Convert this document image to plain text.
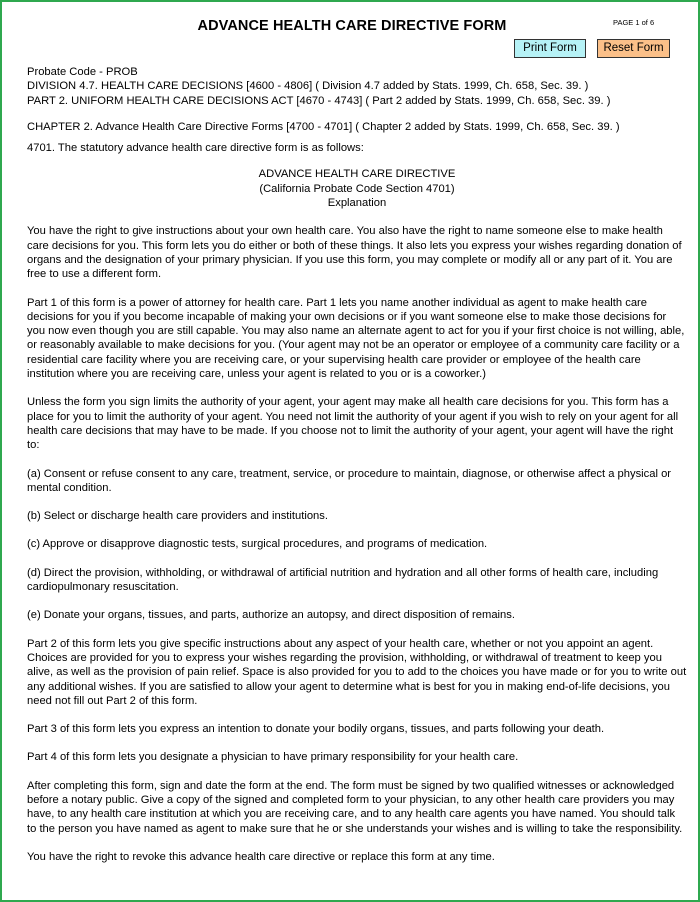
ADVANCE HEALTH CARE DIRECTIVE FORM	PAGE 1 of 6
Print Form	Reset Form

Probate Code - PROB

DIVISION 4.7. HEALTH CARE DECISIONS [4600 - 4806] ( Division 4.7 added by Stats. 1999, Ch. 658, Sec. 39. )

PART 2. UNIFORM HEALTH CARE DECISIONS ACT [4670 - 4743] ( Part 2 added by Stats. 1999, Ch. 658, Sec. 39. )

CHAPTER 2. Advance Health Care Directive Forms [4700 - 4701] ( Chapter 2 added by Stats. 1999, Ch. 658, Sec. 39. )

4701. The statutory advance health care directive form is as follows:

ADVANCE HEALTH CARE DIRECTIVE

(California Probate Code Section 4701)

Explanation

You have the right to give instructions about your own health care. You also have the right to name someone else to make health care decisions for you. This form lets you do either or both of these things. It also lets you express your wishes regarding donation of organs and the designation of your primary physician. If you use this form, you may complete or modify all or any part of it. You are free to use a different form.

Part 1 of this form is a power of attorney for health care. Part 1 lets you name another individual as agent to make health care decisions for you if you become incapable of making your own decisions or if you want someone else to make those decisions for you now even though you are still capable. You may also name an alternate agent to act for you if your first choice is not willing, able, or reasonably available to make decisions for you. (Your agent may not be an operator or employee of a community care facility or a residential care facility where you are receiving care, or your supervising health care provider or employee of the health care institution where you are receiving care, unless your agent is related to you or is a coworker.)

Unless the form you sign limits the authority of your agent, your agent may make all health care decisions for you. This form has a place for you to limit the authority of your agent. You need not limit the authority of your agent if you wish to rely on your agent for all health care decisions that may have to be made. If you choose not to limit the authority of your agent, your agent will have the right to:

(a) Consent or refuse consent to any care, treatment, service, or procedure to maintain, diagnose, or otherwise affect a physical or mental condition.

(b) Select or discharge health care providers and institutions.

(c) Approve or disapprove diagnostic tests, surgical procedures, and programs of medication.

(d) Direct the provision, withholding, or withdrawal of artificial nutrition and hydration and all other forms of health care, including cardiopulmonary resuscitation.

(e) Donate your organs, tissues, and parts, authorize an autopsy, and direct disposition of remains.

Part 2 of this form lets you give specific instructions about any aspect of your health care, whether or not you appoint an agent. Choices are provided for you to express your wishes regarding the provision, withholding, or withdrawal of treatment to keep you alive, as well as the provision of pain relief. Space is also provided for you to add to the choices you have made or for you to write out any additional wishes. If you are satisfied to allow your agent to determine what is best for you in making end-of-life decisions, you need not fill out Part 2 of this form.

Part 3 of this form lets you express an intention to donate your bodily organs, tissues, and parts following your death.

Part 4 of this form lets you designate a physician to have primary responsibility for your health care.

After completing this form, sign and date the form at the end. The form must be signed by two qualified witnesses or acknowledged before a notary public. Give a copy of the signed and completed form to your physician, to any other health care providers you may have, to any health care institution at which you are receiving care, and to any health care agents you have named. You should talk to the person you have named as agent to make sure that he or she understands your wishes and is willing to take the responsibility.

You have the right to revoke this advance health care directive or replace this form at any time.
